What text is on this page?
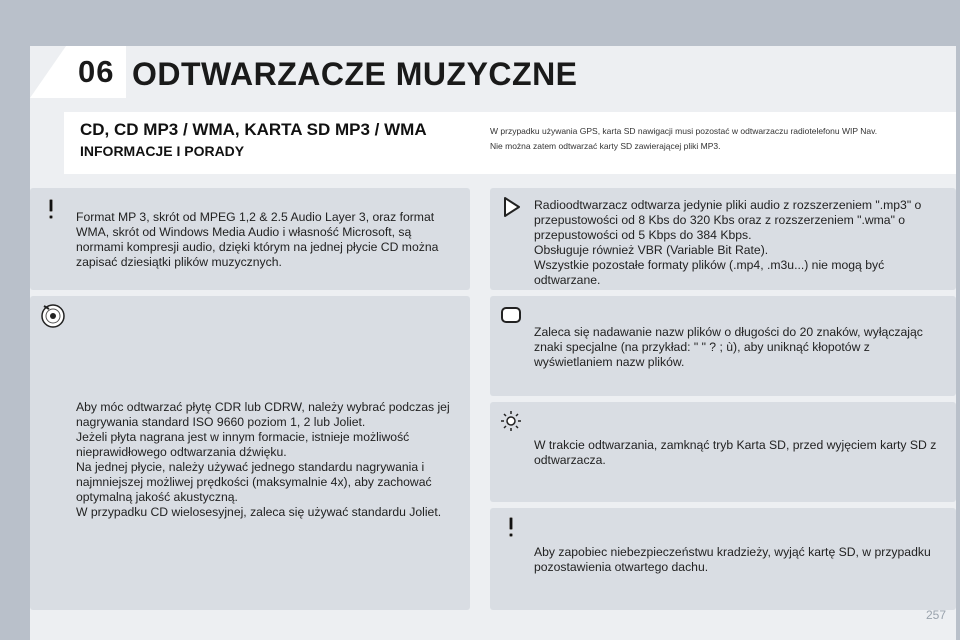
06 ODTWARZACZE MUZYCZNE
CD, CD MP3 / WMA, KARTA SD MP3 / WMA
INFORMACJE I PORADY
W przypadku używania GPS, karta SD nawigacji musi pozostać w odtwarzaczu radiotelefonu WIP Nav.
Nie można zatem odtwarzać karty SD zawierającej pliki MP3.

Format MP 3, skrót od MPEG 1,2 & 2.5 Audio Layer 3, oraz format WMA, skrót od Windows Media Audio i własność Microsoft, są normami kompresji audio, dzięki którym na jednej płycie CD można zapisać dziesiątki plików muzycznych.

Aby móc odtwarzać płytę CDR lub CDRW, należy wybrać podczas jej nagrywania standard ISO 9660 poziom 1, 2 lub Joliet.
Jeżeli płyta nagrana jest w innym formacie, istnieje możliwość nieprawidłowego odtwarzania dźwięku.
Na jednej płycie, należy używać jednego standardu nagrywania i najmniejszej możliwej prędkości (maksymalnie 4x), aby zachować optymalną jakość akustyczną.
W przypadku CD wielosesyjnej, zaleca się używać standardu Joliet.

Radioodtwarzacz odtwarza jedynie pliki audio z rozszerzeniem ".mp3" o przepustowości od 8 Kbs do 320 Kbs oraz z rozszerzeniem ".wma" o przepustowości od 5 Kbps do 384 Kbps.
Obsługuje również VBR (Variable Bit Rate).
Wszystkie pozostałe formaty plików (.mp4, .m3u...) nie mogą być odtwarzane.

Zaleca się nadawanie nazw plików o długości do 20 znaków, wyłączając znaki specjalne (na przykład: " " ? ; ù), aby uniknąć kłopotów z wyświetlaniem nazw plików.

W trakcie odtwarzania, zamknąć tryb Karta SD, przed wyjęciem karty SD z odtwarzacza.

Aby zapobiec niebezpieczeństwu kradzieży, wyjąć kartę SD, w przypadku pozostawienia otwartego dachu.

257
